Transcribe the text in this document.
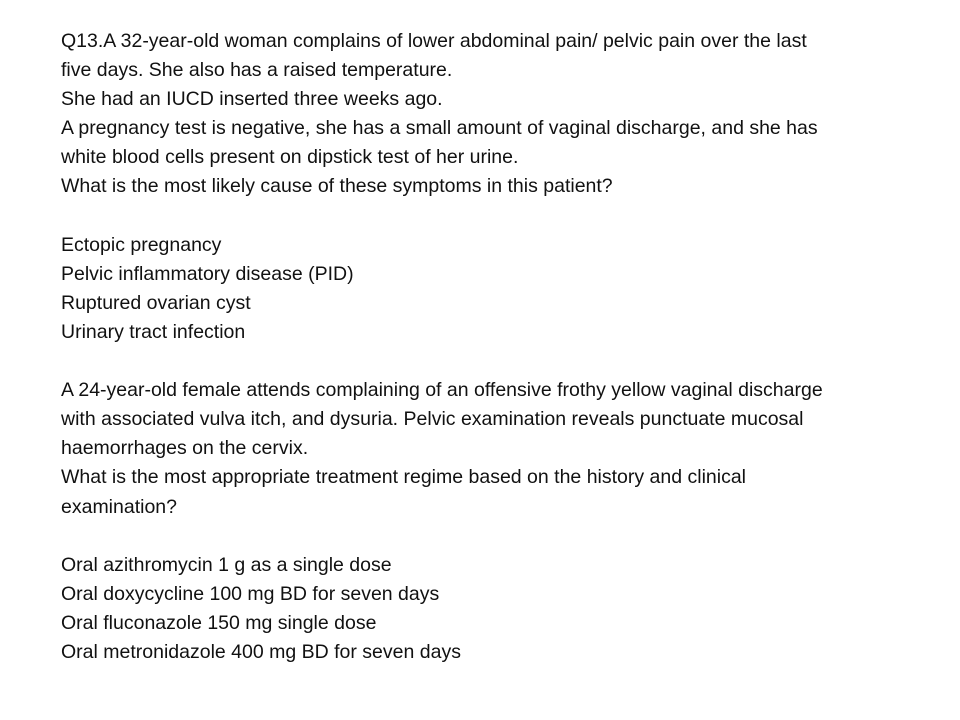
Q13.A 32-year-old woman complains of lower abdominal pain/ pelvic pain over the last
five days. She also has a raised temperature.
She had an IUCD inserted three weeks ago.
A pregnancy test is negative, she has a small amount of vaginal discharge, and she has
white blood cells present on dipstick test of her urine.
What is the most likely cause of these symptoms in this patient?
Ectopic pregnancy
Pelvic inflammatory disease (PID)
Ruptured ovarian cyst
Urinary tract infection
A 24-year-old female attends complaining of an offensive frothy yellow vaginal discharge
with associated vulva itch, and dysuria. Pelvic examination reveals punctuate mucosal
haemorrhages on the cervix.
What is the most appropriate treatment regime based on the history and clinical
examination?
Oral azithromycin 1 g as a single dose
Oral doxycycline 100 mg BD for seven days
Oral fluconazole 150 mg single dose
Oral metronidazole 400 mg BD for seven days
